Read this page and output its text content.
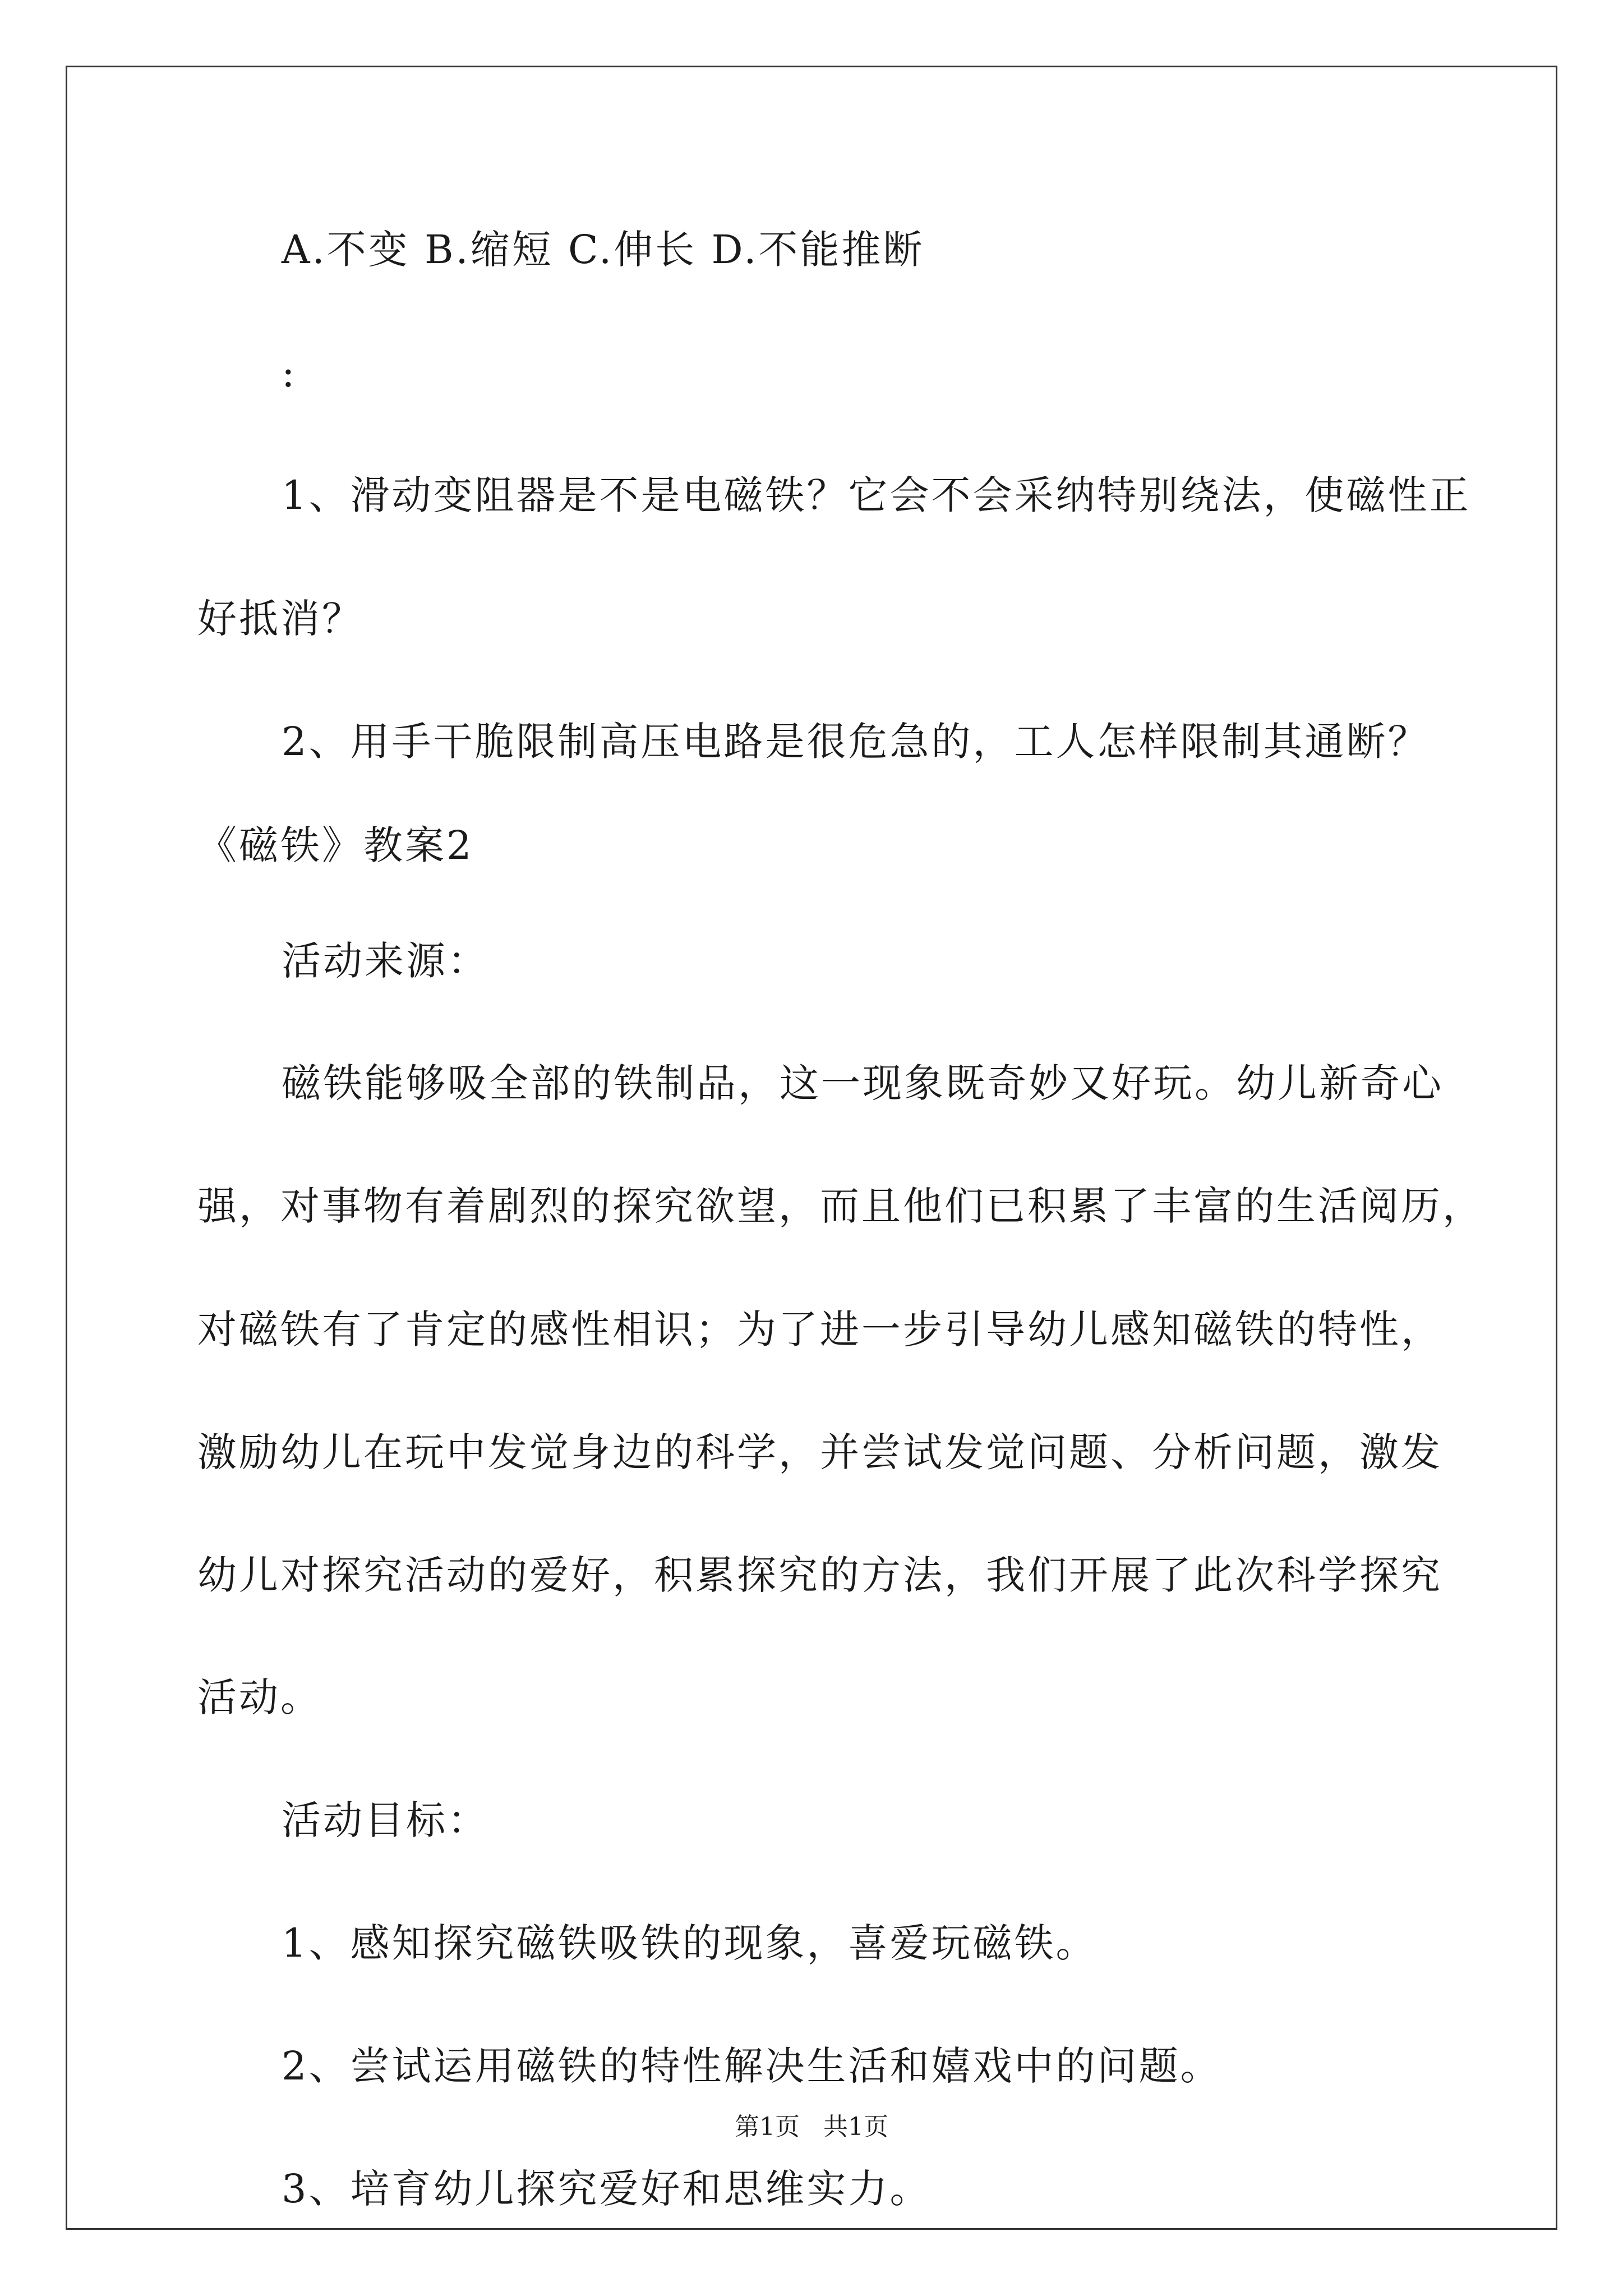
A.不变 B.缩短 C.伸长 D.不能推断
:
1、滑动变阻器是不是电磁铁？它会不会采纳特别绕法，使磁性正
好抵消？
2、用手干脆限制高压电路是很危急的，工人怎样限制其通断？
《磁铁》教案2
活动来源：
磁铁能够吸全部的铁制品，这一现象既奇妙又好玩。幼儿新奇心
强，对事物有着剧烈的探究欲望，而且他们已积累了丰富的生活阅历，
对磁铁有了肯定的感性相识；为了进一步引导幼儿感知磁铁的特性，
激励幼儿在玩中发觉身边的科学，并尝试发觉问题、分析问题，激发
幼儿对探究活动的爱好，积累探究的方法，我们开展了此次科学探究
活动。
活动目标：
1、感知探究磁铁吸铁的现象，喜爱玩磁铁。
2、尝试运用磁铁的特性解决生活和嬉戏中的问题。
3、培育幼儿探究爱好和思维实力。
第1页   共1页
